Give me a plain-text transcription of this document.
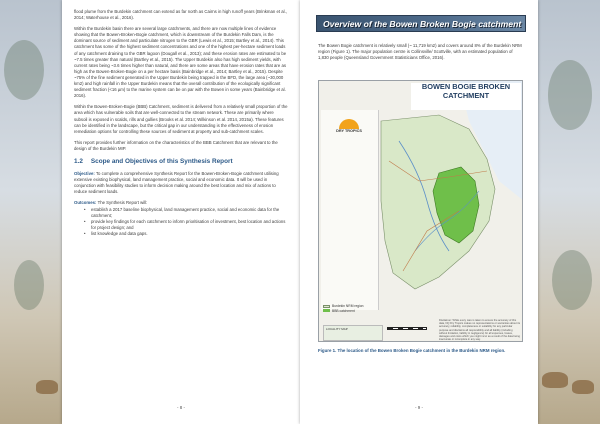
flood plume from the Burdekin catchment can extend as far north as Cairns in high runoff years (Brinkman et al., 2014; Waterhouse et al., 2016).

Within the Burdekin basin there are several large catchments, and there are now multiple lines of evidence showing that the Bowen-Broken-Bogie catchment, which is downstream of the Burdekin Falls Dam, is the dominant source of sediment and particulate nitrogen to the GBR (Lewis et al., 2015; Bartley et al., 2014). This catchment has some of the highest sediment concentrations and one of the highest per-hectare sediment loads of any catchment draining to the GBR lagoon (Dougall et al., 2013); and these erosion rates are estimated to be ~7.5 times greater than natural (Bartley et al., 2015). The Upper Burdekin also has high sediment yields, with current rates being ~3.6 times higher than natural, and there are some areas that have erosion rates that are as high as the Bowen-Broken-Bogie on a per hectare basis (Bainbridge et al., 2014; Bartley et al., 2015). Despite ~75% of the fine sediment generated in the Upper Burdekin being trapped in the BFD, the large area (~30,000 km2) and high rainfall in the Upper Burdekin means that the overall contribution of the ecologically significant sediment fraction (<16 µm) to the marine system can be on par with the Bowen in some years (Bainbridge et al. 2016).

Within the Bowen-Broken-Bogie (BBB) Catchment, sediment is delivered from a relatively small proportion of the area which has vulnerable soils that are well-connected to the stream network. These are primarily where subsoil is exposed in scalds, rills and gullies (Brooks et al. 2014; Wilkinson et al. 2014, 2015a). These features can be identified in the landscape, but the critical gap in our understanding is the effectiveness of erosion remediation options for controlling these sources of sediment at property and sub-catchment scales.

This report provides further information on the characteristics of the BBB Catchment that are relevant to the design of the Burdekin MIP.

1.2 Scope and Objectives of this Synthesis Report

Objective: To complete a comprehensive Synthesis Report for the Bowen-Broken-Bogie catchment utilising extensive existing biophysical, land management practice, social and economic data. It will be used in conjunction with feasibility studies to inform decision making around the best location and mix of actions to reduce sediment loads.

Outcomes: The Synthesis Report will:

• establish a 2017 baseline biophysical, land management practice, social and economic data for the catchment;
• provide key findings for each catchment to inform prioritisation of investment, best location and actions for project design; and
• list knowledge and data gaps.
- 8 -
Overview of the Bowen Broken Bogie catchment

The Bowen Bogie catchment is relatively small (~ 11,719 km2) and covers around 8% of the Burdekin NRM region (Figure 1). The major population centre is Collinsville/ Scottville, with an estimated population of 1,830 people (Queensland Government Statisticians Office, 2016).

BOWEN BOGIE BROKEN CATCHMENT
DRY TROPICS
Burdekin NRM region
BBB catchment
LOCALITY MAP
Disclaimer: While every care is taken to ensure the accuracy of this data, NQ Dry Tropics makes no representations or warranties about its accuracy, reliability, completeness or suitability for any particular purpose and disclaims all responsibility and all liability (including without limitation, liability in negligence) for all expenses, losses, damages and costs which you might incur as a result of the data being inaccurate or incomplete in any way.
Figure 1. The location of the Bowen Broken Bogie catchment in the Burdekin NRM region.
- 9 -
